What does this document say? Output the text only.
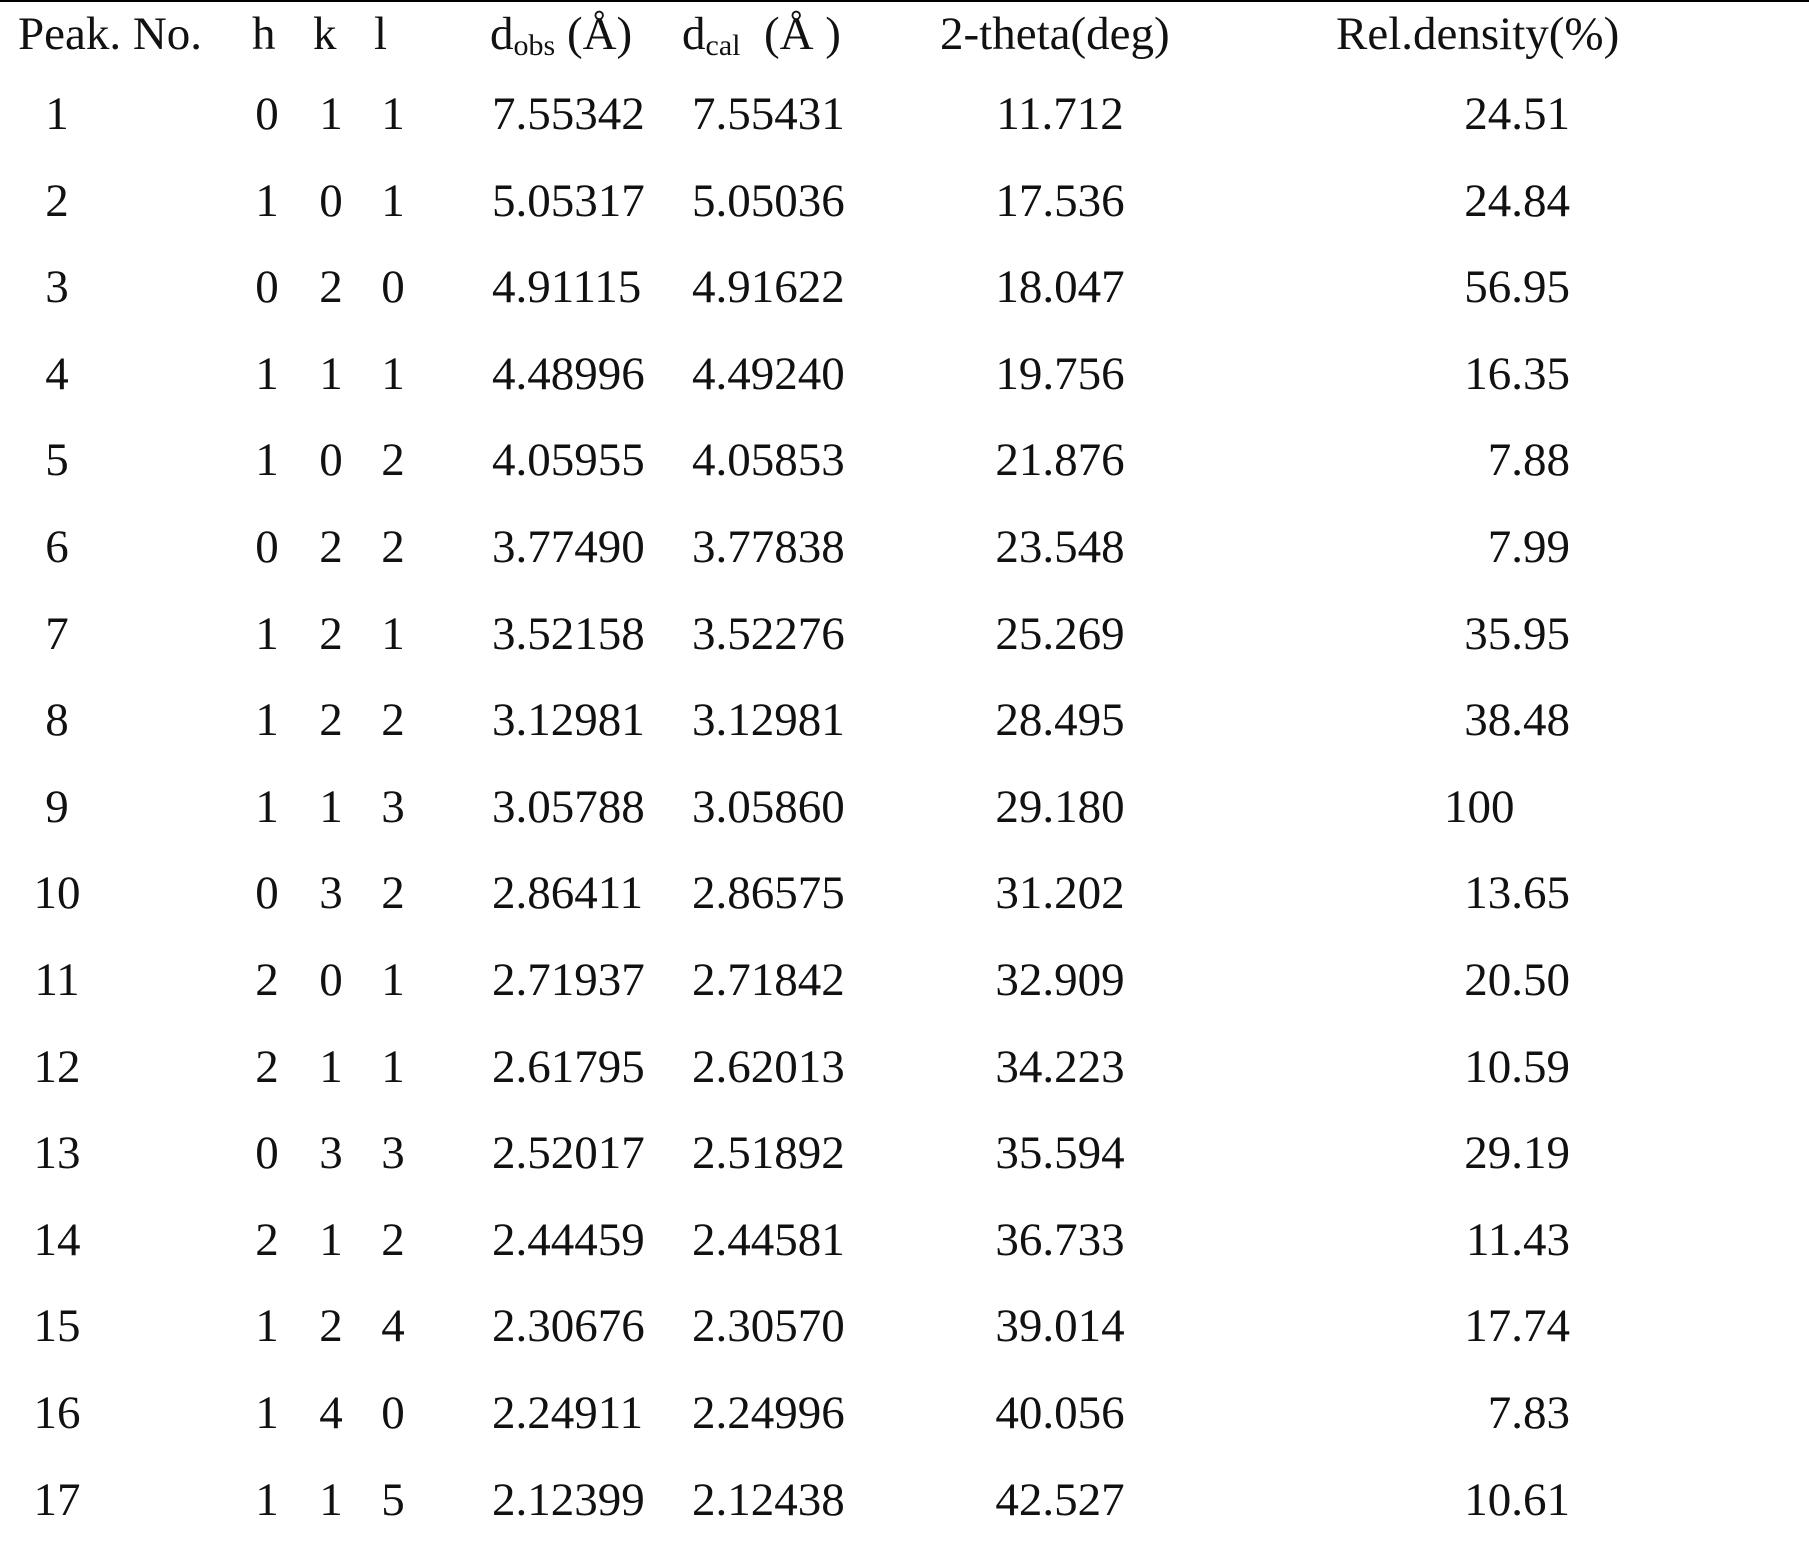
Peak. No. h k l $d_{obs}$ (Å) $d_{cal}$  (Å ) 2-theta(deg)	Rel.density(%)
1	0 1 1 7.55342 7.55431	11.712	24.51
2	1 0 1 5.05317 5.05036	17.536	24.84
3	0 2 0 4.91115	4.91622	18.047	56.95
4	1 1 1 4.48996 4.49240	19.756	16.35
5	1 0 2 4.05955 4.05853	21.876	7.88
6	0 2 2 3.77490 3.77838	23.548	7.99
7	1 2 1 3.52158 3.52276	25.269	35.95
8	1 2 2 3.12981 3.12981	28.495	38.48
9	1 1 3 3.05788 3.05860	29.180	100
10	0 3 2 2.86411 2.86575	31.202	13.65
11	2 0 1 2.71937 2.71842	32.909	20.50
12	2 1 1 2.61795 2.62013	34.223	10.59
13	0 3 3 2.52017 2.51892	35.594	29.19
14	2 1 2 2.44459 2.44581	36.733	11.43
15	1 2 4 2.30676 2.30570	39.014	17.74
16	1 4 0 2.24911 2.24996	40.056	7.83
17	1 1 5 2.12399 2.12438	42.527	10.61
